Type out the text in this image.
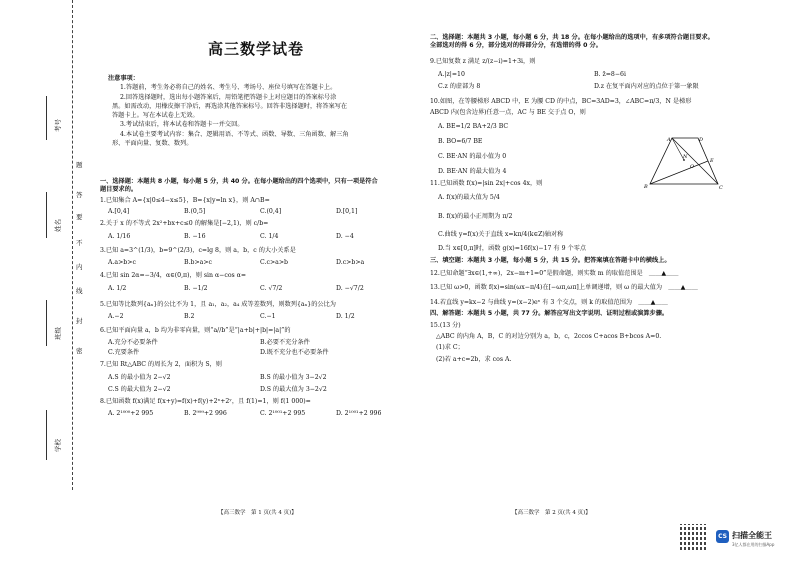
考号
姓名
班级
学校
题
答
要
不
内
线
封
密
高三数学试卷

注意事项：

1.答题前，考生务必将自己的姓名、考生号、考场号、座位号填写在答题卡上。

2.回答选择题时，选出每小题答案后，用铅笔把答题卡上对应题目的答案标号涂

黑。如需改动，用橡皮擦干净后，再选涂其他答案标号。回答非选择题时，将答案写在

答题卡上。写在本试卷上无效。

3.考试结束后，将本试卷和答题卡一并交回。

4.本试卷主要考试内容：集合、逻辑用语、不等式、函数、导数、三角函数、解三角

形、平面向量、复数、数列。

一、选择题：本题共 8 小题，每小题 5 分，共 40 分。在每小题给出的四个选项中，只有一项是符合

题目要求的。

1.已知集合 A={x|0≤4−x≤5}，B={x|y=ln x}，则 A∩B=

A.[0,4]	B.(0,5]	C.(0,4]	D.[0,1]

2.关于 x 的不等式 2x²+bx+c≤0 的解集是[−2,1)，则 c/b=

A. 1/16	B. −16	C. 1/4	D. −4

3.已知 a=3^(1/3)，b=9^(2/3)，c=lg 8，则 a，b，c 的大小关系是

A.a>b>c	B.b>a>c	C.c>a>b	D.c>b>a

4.已知 sin 2α=−3/4，α∈(0,π)，则 sin α−cos α=

A. 1/2	B. −1/2	C. √7/2	D. −√7/2

5.已知等比数列{aₙ}的公比不为 1，且 a₁，a₂，a₄ 成等差数列，则数列{aₙ}的公比为

A.−2	B.2	C.−1	D. 1/2

6.已知平面向量 a，b 均为非零向量，则“a//b”是“|a+b|+|b|=|a|”的

A.充分不必要条件	B.必要不充分条件
C.充要条件	D.既不充分也不必要条件

7.已知 Rt△ABC 的周长为 2，面积为 S，则

A.S 的最小值为 2−√2	B.S 的最小值为 3−2√2
C.S 的最大值为 2−√2	D.S 的最大值为 3−2√2

8.已知函数 f(x)满足 f(x+y)=f(x)+f(y)+2ˣ+2ʸ，且 f(1)=1，则 f(1 000)=

A. 2¹⁰⁰⁰+2 995	B. 2⁹⁹⁹+2 996	C. 2¹⁰⁰¹+2 995	D. 2¹⁰⁰¹+2 996
【高三数学　第 1 页(共 4 页)】

二、选择题：本题共 3 小题，每小题 6 分，共 18 分。在每小题给出的选项中，有多项符合题目要求。

全部选对的得 6 分，部分选对的得部分分，有选错的得 0 分。

9.已知复数 z 满足 z/(z−i)=1+3i，则

A.|z|=10	B. z̄=8−6i
C.z 的虚部为 8	D.z 在复平面内对应的点位于第一象限

10.如图，在等腰梯形 ABCD 中，E 为腰 CD 的中点，BC=3AD=3，∠ABC=π/3，N 是梯形

ABCD 内(包含边界)任意一点，AC 与 BE 交于点 O，则

A. BE=1/2 BA+2/3 BC

B. BO=6/7 BE

C. BE·AN 的最小值为 0

D. BE·AN 的最大值为 4

11.已知函数 f(x)=|sin 2x|+cos 4x，则

A. f(x)的最大值为 5/4

B. f(x)的最小正周期为 π/2

C.曲线 y=f(x)关于直线 x=kπ/4(k∈Z)轴对称

D.当 x∈[0,π]时，函数 g(x)=16f(x)−17 有 9 个零点

三、填空题：本题共 3 小题，每小题 5 分，共 15 分。把答案填在答题卡中的横线上。

12.已知命题“∃x∈(1,+∞)，2x−m+1=0”是假命题，则实数 m 的取值范围是　＿＿▲＿＿

13.已知 ω>0，函数 f(x)=sin(ωx−π/4)在[−ωπ,ωπ]上单调递增，则 ω 的最大值为　＿＿▲＿＿

14.若直线 y=kx−2 与曲线 y=(x−2)eˣ 有 3 个交点，则 k 的取值范围为　＿＿▲＿＿

四、解答题：本题共 5 小题，共 77 分。解答应写出文字说明、证明过程或演算步骤。

15.(13 分)

△ABC 的内角 A，B，C 的对边分别为 a，b，c，2ccos C+acos B+bcos A=0.

(1)求 C；

(2)若 a+c=2b，求 cos A.

A	D
N
E
O
B	C
【高三数学　第 2 页(共 4 页)】
CS 扫描全能王
3亿人都在用的扫描App
